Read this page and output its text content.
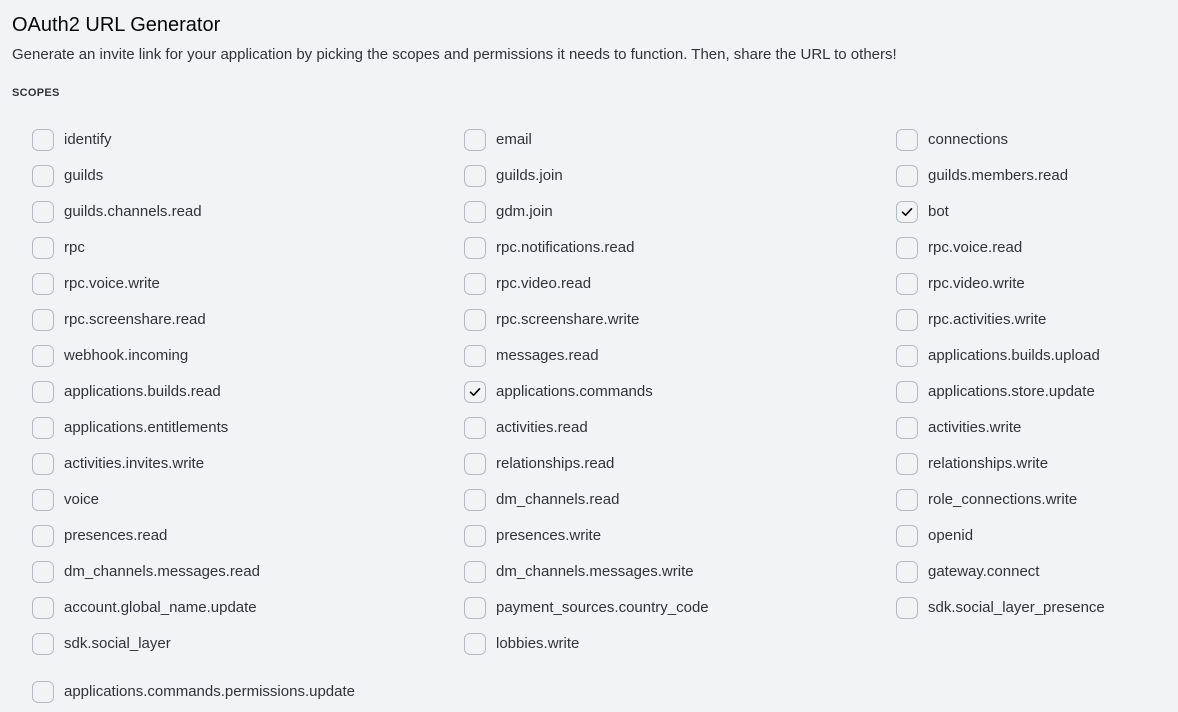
OAuth2 URL Generator
Generate an invite link for your application by picking the scopes and permissions it needs to function. Then, share the URL to others!
SCOPES
identify	email	connections
guilds	guilds.join	guilds.members.read
guilds.channels.read	gdm.join	bot
rpc	rpc.notifications.read	rpc.voice.read
rpc.voice.write	rpc.video.read	rpc.video.write
rpc.screenshare.read	rpc.screenshare.write	rpc.activities.write
webhook.incoming	messages.read	applications.builds.upload
applications.builds.read	applications.commands	applications.store.update
applications.entitlements	activities.read	activities.write
activities.invites.write	relationships.read	relationships.write
voice	dm_channels.read	role_connections.write
presences.read	presences.write	openid
dm_channels.messages.read	dm_channels.messages.write	gateway.connect
account.global_name.update	payment_sources.country_code	sdk.social_layer_presence
sdk.social_layer	lobbies.write
applications.commands.permissions.update
